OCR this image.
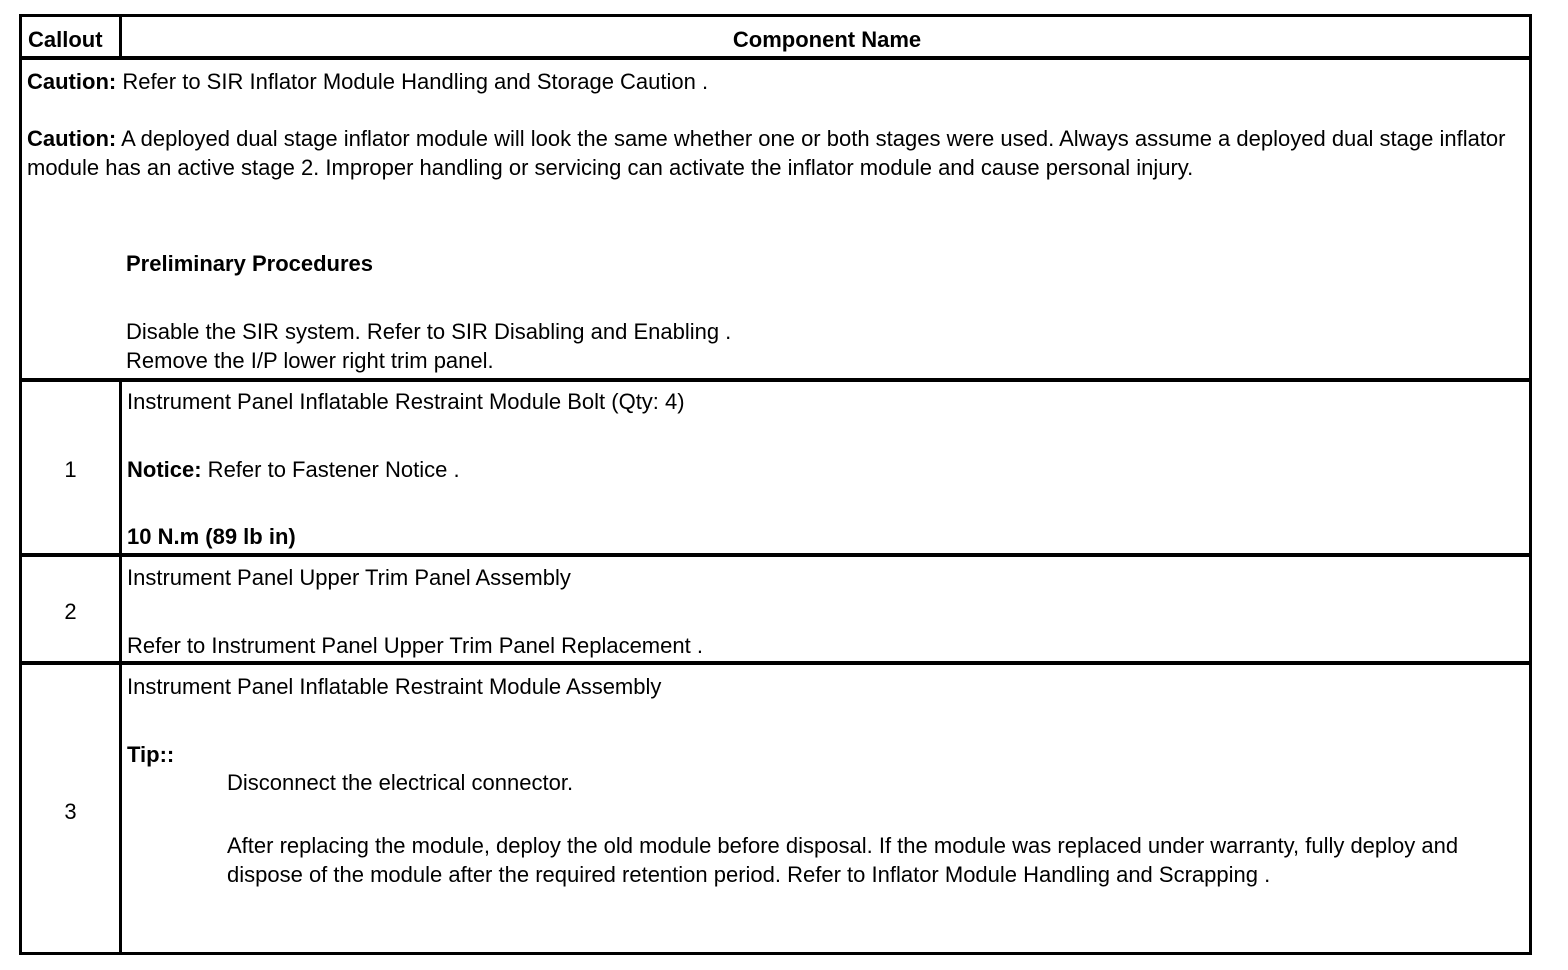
Callout	Component Name
Caution: Refer to SIR Inflator Module Handling and Storage Caution .
Caution: A deployed dual stage inflator module will look the same whether one or both stages were used. Always assume a deployed dual stage inflator module has an active stage 2. Improper handling or servicing can activate the inflator module and cause personal injury.
Preliminary Procedures
Disable the SIR system. Refer to SIR Disabling and Enabling .
Remove the I/P lower right trim panel.
1
Instrument Panel Inflatable Restraint Module Bolt (Qty: 4)
Notice: Refer to Fastener Notice .
10 N.m (89 lb in)
2
Instrument Panel Upper Trim Panel Assembly
Refer to Instrument Panel Upper Trim Panel Replacement .
3
Instrument Panel Inflatable Restraint Module Assembly
Tip::
Disconnect the electrical connector.
After replacing the module, deploy the old module before disposal. If the module was replaced under warranty, fully deploy and dispose of the module after the required retention period. Refer to Inflator Module Handling and Scrapping .
